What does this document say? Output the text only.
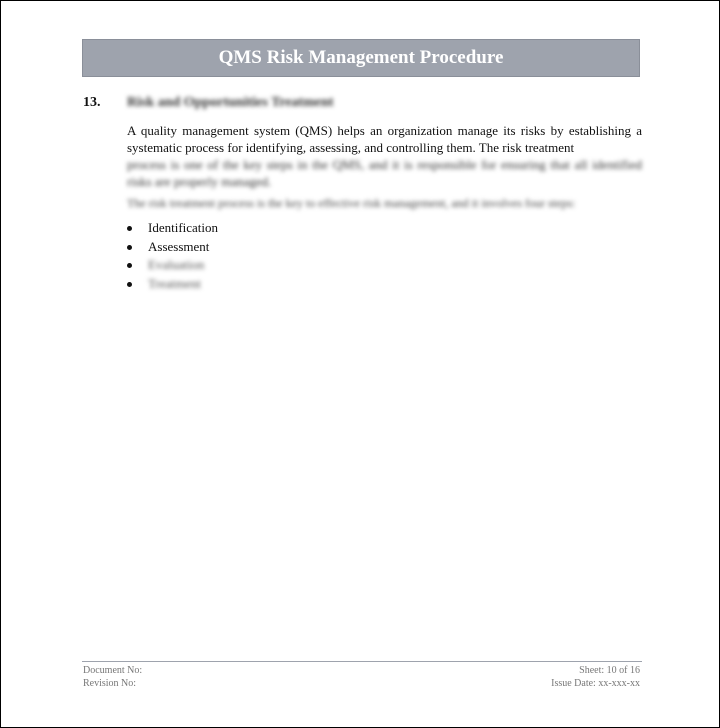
QMS Risk Management Procedure
13. Risk and Opportunities Treatment
A quality management system (QMS) helps an organization manage its risks by establishing a systematic process for identifying, assessing, and controlling them. The risk treatment
process is one of the key steps in the QMS, and it is responsible for ensuring that all identified risks are properly managed.
The risk treatment process is the key to effective risk management, and it involves four steps:
Identification
Assessment
Evaluation
Treatment
Document No:
Revision No:
Sheet: 10 of 16
Issue Date: xx-xxx-xx
